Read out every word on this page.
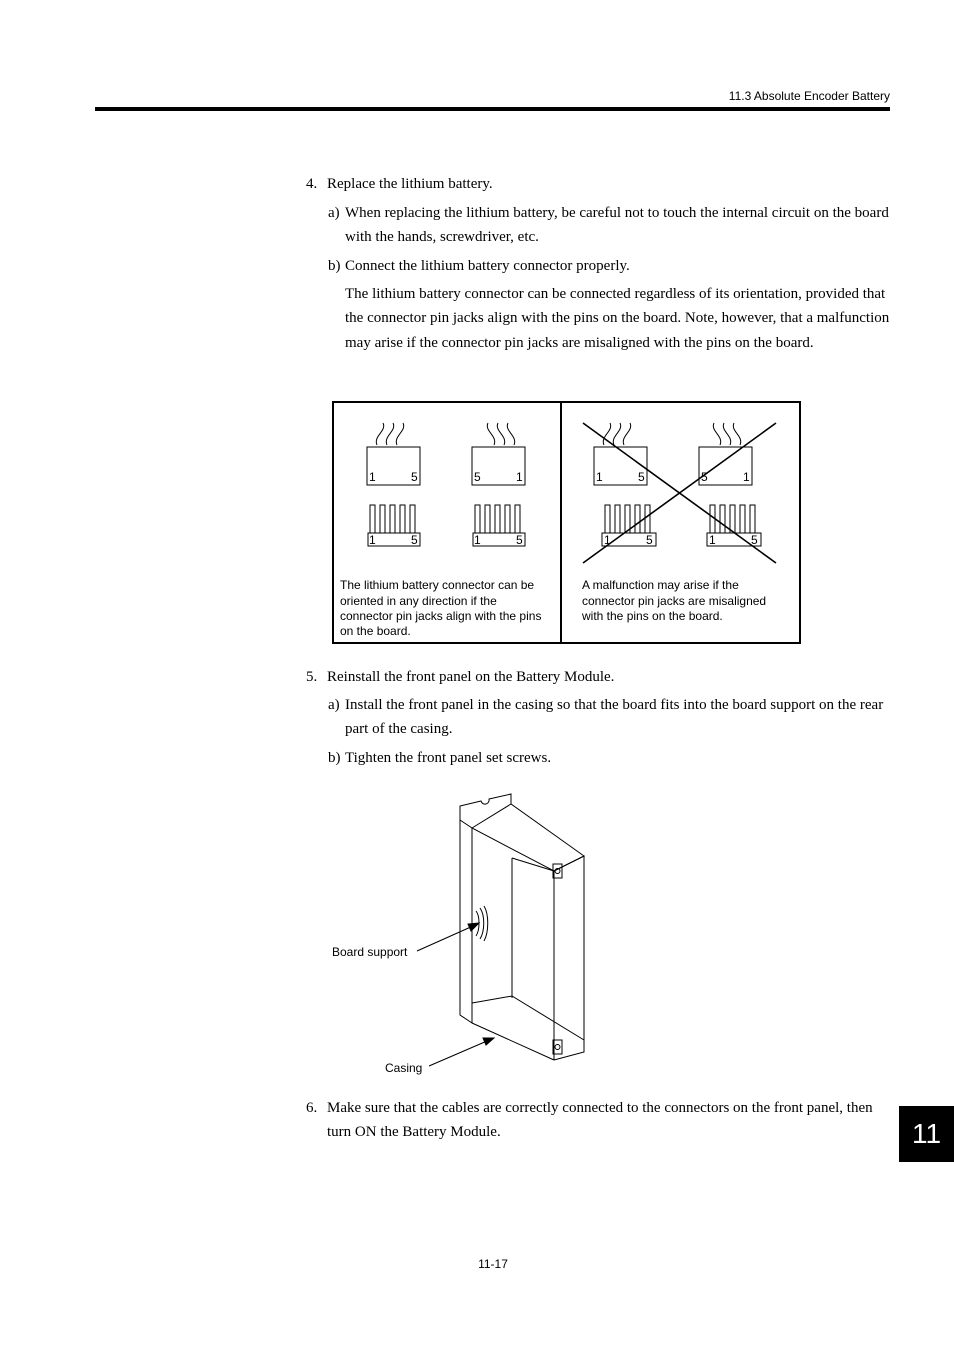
11.3 Absolute Encoder Battery
4. Replace the lithium battery.
a) When replacing the lithium battery, be careful not to touch the internal circuit on the board with the hands, screwdriver, etc.
b) Connect the lithium battery connector properly.
The lithium battery connector can be connected regardless of its orientation, provided that the connector pin jacks align with the pins on the board. Note, however, that a malfunction may arise if the connector pin jacks are misaligned with the pins on the board.
1	5	5	1
1	5	1	5
1	5	5	1
1	5	1	5
The lithium battery connector can be
oriented in any direction if the
connector pin jacks align with the pins
on the board.
A malfunction may arise if the
connector pin jacks are misaligned
with the pins on the board.
5. Reinstall the front panel on the Battery Module.
a) Install the front panel in the casing so that the board fits into the board support on the rear part of the casing.
b) Tighten the front panel set screws.
Board support
Casing
6. Make sure that the cables are correctly connected to the connectors on the front panel, then turn ON the Battery Module.	11
11-17
